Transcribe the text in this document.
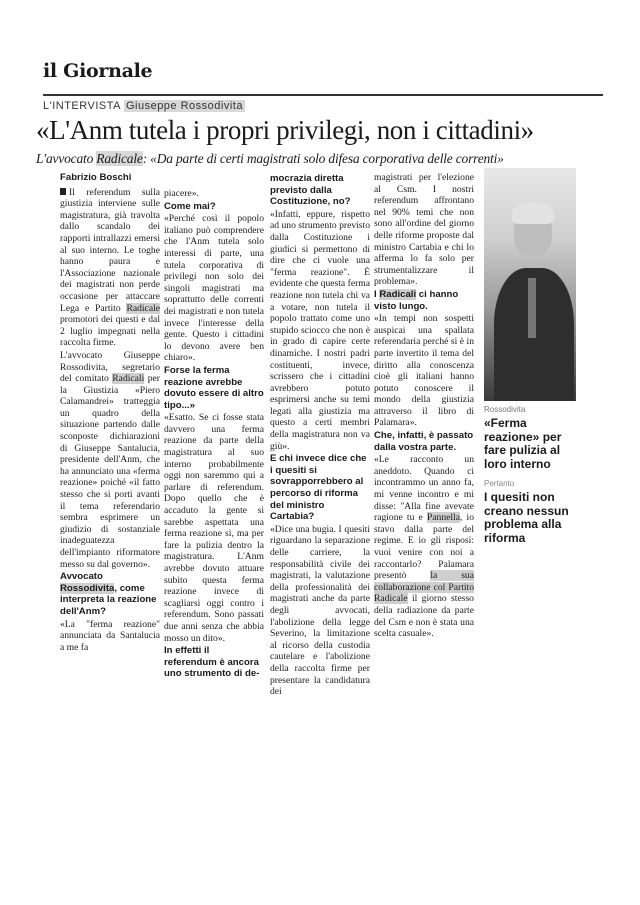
il Giornale
L'INTERVISTA Giuseppe Rossodivita
«L'Anm tutela i propri privilegi, non i cittadini»
L'avvocato Radicale: «Da parte di certi magistrati solo difesa corporativa delle correnti»
Fabrizio Boschi

Il referendum sulla giustizia interviene sulle magistratura, già travolta dallo scandalo dei rapporti intrallazzi emersi al suo interno. Le toghe hanno paura e l'Associazione nazionale dei magistrati non perde occasione per attaccare Lega e Partito Radicale promotori dei questi e dal 2 luglio impegnati nella raccolta firme.

L'avvocato Giuseppe Rossodivita, segretario del comitato Radicali per la Giustizia «Piero Calamandrei» tratteggia un quadro della situazione partendo dalle sconposte dichiarazioni di Giuseppe Santalucia, presidente dell'Anm, che ha annunciato una «ferma reazione» poiché «il fatto stesso che si porti avanti il tema referendario sembra esprimere un giudizio di sostanziale inadeguatezza dell'impianto riformatore messo su dal governo».

Avvocato Rossodivita, come interpreta la reazione dell'Anm?

«La "ferma reazione" annunciata da Santalucia a me fa

piacere».

Come mai?

«Perché così il popolo italiano può comprendere che l'Anm tutela solo interessi di parte, una tutela corporativa di privilegi non solo dei singoli magistrati ma soprattutto delle correnti dei magistrati e non tutela invece l'interesse della gente. Questo i cittadini lo devono avere ben chiaro».

Forse la ferma reazione avrebbe dovuto essere di altro tipo...»

«Esatto. Se ci fosse stata davvero una ferma reazione da parte della magistratura al suo interno probabilmente oggi non saremmo qui a parlare di referendum. Dopo quello che è accaduto la gente si sarebbe aspettata una ferma reazione sì, ma per fare la pulizia dentro la magistratura. L'Anm avrebbe dovuto attuare subito questa ferma reazione invece di scagliarsi oggi contro i referendum. Sono passati due anni senza che abbia mosso un dito».

In effetti il referendum è ancora uno strumento di de-
mocrazia diretta previsto dalla Costituzione, no?

«Infatti, eppure, rispetto ad uno strumento previsto dalla Costituzione i giudici si permettono di dire che ci vuole una "ferma reazione". È evidente che questa ferma reazione non tutela chi va a votare, non tutela il popolo trattato come uno stupido sciocco che non è in grado di capire certe dinamiche. I nostri padri costituenti, invece, scrissero che i cittadini avrebbero potuto esprimersi anche su temi legati alla giustizia ma questo a certi membri della magistratura non va giù».

E chi invece dice che i quesiti si sovrapporrebbero al percorso di riforma del ministro Cartabia?

«Dice una bugia. I quesiti riguardano la separazione delle carriere, la responsabilità civile dei magistrati, la valutazione della professionalità dei magistrati anche da parte degli avvocati, l'abolizione della legge Severino, la limitazione al ricorso della custodia cautelare e l'abolizione della raccolta firme per presentare la candidatura dei

magistrati per l'elezione al Csm. I nostri referendum affrontano nel 90% temi che non sono all'ordine del giorno delle riforme proposte dal ministro Cartabia e chi lo afferma lo fa solo per strumentalizzare il problema».

I Radicali ci hanno visto lungo.

«In tempi non sospetti auspicai una spallata referendaria perché si è in parte invertito il tema del diritto alla conoscenza cioè gli italiani hanno potuto conoscere il mondo della giustizia attraverso il libro di Palamara».

Che, infatti, è passato dalla vostra parte.

«Le racconto un aneddoto. Quando ci incontrammo un anno fa, mi venne incontro e mi disse: "Alla fine avevate ragione tu e Pannella, io stavo dalla parte del regime. E io gli risposi: vuoi venire con noi a raccontarlo? Palamara presentò la sua collaborazione col Partito Radicale il giorno stesso della radiazione da parte del Csm e non è stata una scelta casuale».

Rossodivita
«Ferma reazione» per fare pulizia al loro interno
Pertanto
I quesiti non creano nessun problema alla riforma
